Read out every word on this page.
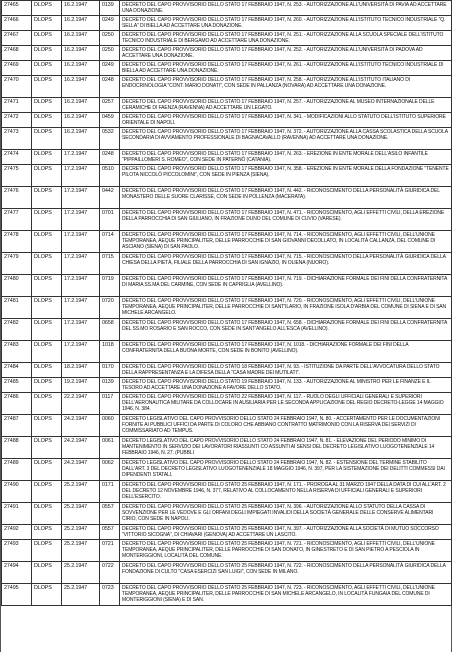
27465	DLOPS	16.2.1947	0139	DECRETO DEL CAPO PROVVISORIO DELLO STATO 17 FEBBRAIO 1947, N. 253. - AUTORIZZAZIONE ALL'UNIVERSITÀ DI PAVIA AD ACCETTARE UNA DONAZIONE.
27466	DLOPS	16.2.1947	0249	DECRETO DEL CAPO PROVVISORIO DELLO STATO 17 FEBBRAIO 1947, N. 260. - AUTORIZZAZIONE ALL'ISTITUTO TECNICO INDUSTRIALE "Q. SELLA" DI BIELLA AD ACCETTARE UNA DONAZIONE.
27467	DLOPS	16.2.1947	0250	DECRETO DEL CAPO PROVVISORIO DELLO STATO 17 FEBBRAIO 1947, N. 251. - AUTORIZZAZIONE ALLA SCUOLA SPECIALE DELL'ISTITUTO TECNICO INDUSTRIALE DI BERGAMO AD ACCETTARE UNA DONAZIONE.
27468	DLOPS	16.2.1947	0250	DECRETO DEL CAPO PROVVISORIO DELLO STATO 17 FEBBRAIO 1947, N. 252. - AUTORIZZAZIONE ALL'UNIVERSITÀ DI PADOVA AD ACCETTARE UNA DONAZIONE.
27469	DLOPS	16.2.1947	0249	DECRETO DEL CAPO PROVVISORIO DELLO STATO 17 FEBBRAIO 1947, N. 261. - AUTORIZZAZIONE ALL'ISTITUTO TECNICO INDUSTRIALE DI BIELLA AD ACCETTARE UNA DONAZIONE.
27470	DLOPS	16.2.1947	0248	DECRETO DEL CAPO PROVVISORIO DELLO STATO 17 FEBBRAIO 1947, N. 258. - AUTORIZZAZIONE ALL'ISTITUTO ITALIANO DI ENDOCRINOLOGIA "CONT. MARIO DONATI", CON SEDE IN PALLANZA (NOVARA) AD ACCETTARE UNA DONAZIONE.
27471	DLOPS	16.2.1947	0257	DECRETO DEL CAPO PROVVISORIO DELLO STATO 17 FEBBRAIO 1947, N. 257. - AUTORIZZAZIONE AL MUSEO INTERNAZIONALE DELLE CERAMICHE DI FAENZA (RAVENNA) AD ACCETTARE UN LEGATO.
27472	DLOPS	16.2.1947	0459	DECRETO DEL CAPO PROVVISORIO DELLO STATO 17 FEBBRAIO 1947, N. 341. - MODIFICAZIONI ALLO STATUTO DELL'ISTITUTO SUPERIORE ORIENTALE DI NAPOLI.
27473	DLOPS	16.2.1947	0532	DECRETO DEL CAPO PROVVISORIO DELLO STATO 17 FEBBRAIO 1947, N. 372. - AUTORIZZAZIONE ALLA CASSA SCOLASTICA DELLA SCUOLA SECONDARIA DI AVVIAMENTO PROFESSIONALE DI BAGNACAVALLO (RAVENNA) AD ACCETTARE UNA DONAZIONE.
27474	DLOPS	17.2.1947	0248	DECRETO DEL CAPO PROVVISORIO DELLO STATO 17 FEBBRAIO 1947, N. 263. - EREZIONE IN ENTE MORALE DELL'ASILO INFANTILE "PIPPAILLOMERI S. ROMEO", CON SEDE IN PATERNÒ (CATANIA).
27475	DLOPS	17.2.1947	0510	DECRETO DEL CAPO PROVVISORIO DELLO STATO 17 FEBBRAIO 1947, N. 358. - EREZIONE IN ENTE MORALE DELLA FONDAZIONE "TENENTE PILOTA NICCOLÒ PICCOLOMINI", CON SEDE IN PIENZA (SIENA).
27476	DLOPS	17.2.1947	0442	DECRETO DEL CAPO PROVVISORIO DELLO STATO 17 FEBBRAIO 1947, N. 442. - RICONOSCIMENTO DELLA PERSONALITÀ GIURIDICA DEL MONASTERO DELLE SUORE CLARISSE, CON SEDE IN POLLENZA (MACERATA).
27477	DLOPS	17.2.1947	0701	DECRETO DEL CAPO PROVVISORIO DELLO STATO 17 FEBBRAIO 1947, N. 471. - RICONOSCIMENTO, AGLI EFFETTI CIVILI, DELLA EREZIONE DELLA PARROCCHIA DI SAN GIULIANO, IN FRAZIONE DUNO DEL COMUNE DI CUVIO (VARESE).
27478	DLOPS	17.2.1947	0714	DECRETO DEL CAPO PROVVISORIO DELLO STATO 17 FEBBRAIO 1947, N. 714. - RICONOSCIMENTO, AGLI EFFETTI CIVILI, DELL'UNIONE TEMPORANEA, AEQUE PRINCIPALITER, DELLE PARROCCHIE DI SAN GIOVANNI DECOLLATO, IN LOCALITÀ CALLANZA, DEL COMUNE DI ASCIANO (SIENA) DI SAN PAOLO.
27479	DLOPS	17.2.1947	0715	DECRETO DEL CAPO PROVVISORIO DELLO STATO 17 FEBBRAIO 1947, N. 715. - RICONOSCIMENTO DELLA PERSONALITÀ GIURIDICA DELLA CHIESA DELLA PIETÀ, FILIALE DELLA PARROCCHIA DI SAN IGNAZIO, IN OLIENA (NUORO).
27480	DLOPS	17.2.1947	0719	DECRETO DEL CAPO PROVVISORIO DELLO STATO 17 FEBBRAIO 1947, N. 719. - DICHIARAZIONE FORMALE DEI FINI DELLA CONFRATERNITA DI MARIA SS.MA DEL CARMINE, CON SEDE IN CAPRIGLIA (AVELLINO).
27481	DLOPS	17.2.1947	0720	DECRETO DEL CAPO PROVVISORIO DELLO STATO 17 FEBBRAIO 1947, N. 720. - RICONOSCIMENTO, AGLI EFFETTI CIVILI, DELL'UNIONE TEMPORANEA, AEQUE PRINCIPALITER, DELLE PARROCCHIE DI SANT'ILARIO, IN FRAZIONE ISOLA D'ARBIA DEL COMUNE DI SIENA E DI SAN MICHELE ARCANGELO.
27482	DLOPS	17.2.1947	0658	DECRETO DEL CAPO PROVVISORIO DELLO STATO 17 FEBBRAIO 1947, N. 658. - DICHIARAZIONE FORMALE DEI FINI DELLA CONFRATERNITA DEL SS.MO ROSARIO E SAN ROCCO, CON SEDE IN SANT'ANGELO ALL'ESCA (AVELLINO).
27483	DLOPS	17.2.1947	1018	DECRETO DEL CAPO PROVVISORIO DELLO STATO 17 FEBBRAIO 1947, N. 1018. - DICHIARAZIONE FORMALE DEI FINI DELLA CONFRATERNITA DELLA BUONA MORTE, CON SEDE IN BONITO (AVELLINO).
27484	DLOPS	18.2.1947	0170	DECRETO DEL CAPO PROVVISORIO DELLO STATO 18 FEBBRAIO 1947, N. 93. - ISTITUZIONE DA PARTE DELL'AVVOCATURA DELLO STATO DELLA RAPPRESENTANZA E LA DIFESA DELLA "CASA MADRE DEI MUTILATI".
27485	DLOPS	19.2.1947	0139	DECRETO DEL CAPO PROVVISORIO DELLO STATO 19 FEBBRAIO 1947, N. 133. - AUTORIZZAZIONE AL MINISTRO PER LE FINANZE E IL TESORO AD ACCETTARE UNA DONAZIONE A FAVORE DELLO STATO.
27486	DLOPS	22.2.1947	0117	DECRETO DEL CAPO PROVVISORIO DELLO STATO 22 FEBBRAIO 1947, N. 117. - RUOLO DEGLI UFFICIALI GENERALI E SUPERIORI DELL'AERONAUTICA MILITARE DA COLLOCARE IN AUSILIARIA PER LE SECONDA APPLICAZIONE DEL REGIO DECRETO-LEGGE 14 MAGGIO 1946, N. 384.
27487	DLOPS	24.2.1947	0060	DECRETO LEGISLATIVO DEL CAPO PROVVISORIO DELLO STATO 24 FEBBRAIO 1947, N. 80. - ACCERTAMENTO PER LE DOCUMENTAZIONI FORNITE AI PUBBLICI UFFICI DA PARTE DI COLORO CHE ABBIANO CONTRATTO MATRIMONIO CON LA RISERVA DEI SERVIZI DI COMMISSARIATO AD TEMPUS.
27488	DLOPS	24.2.1947	0061	DECRETO LEGISLATIVO DEL CAPO PROVVISORIO DELLO STATO 24 FEBBRAIO 1947, N. 81. - ELEVAZIONE DEL PERIODO MINIMO DI MANTENIMENTO IN SERVIZIO DEI LAVORATORI RIASSUNTI CO ASSUNTI AI SENSI DEL DECRETO LEGISLATIVO LUOGOTENENZIALE 14 FEBBRAIO 1946, N. 27. (PUBBLI
27489	DLOPS	24.2.1947	0062	DECRETO LEGISLATIVO DEL CAPO PROVVISORIO DELLO STATO 24 FEBBRAIO 1947, N. 82. - ESTENSIONE DEL TERMINE STABILITO DALL'ART. 3 DEL DECRETO LEGISLATIVO LUOGOTENENZIALE 18 MAGGIO 1946, N. 397, PER LA SISTEMAZIONE DEI DELITTI COMMESSI DAI DIPENDENTI STATALI.
27490	DLOPS	25.2.1947	0171	DECRETO DEL CAPO PROVVISORIO DELLO STATO 25 FEBBRAIO 1947, N. 171. - PROROGA AL 31 MARZO 1947 DELLA DATA DI CUI ALL'ART. 2 DEL DECRETO 12 NOVEMBRE 1946, N. 377, RELATIVO AL COLLOCAMENTO NELLA RISERVA DI UFFICIALI GENERALI E SUPERIORI DELL'ESERCITO.
27491	DLOPS	25.2.1947	0557	DECRETO DEL CAPO PROVVISORIO DELLO STATO 25 FEBBRAIO 1947, N. 396. - AUTORIZZAZIONE ALLO STATUTO DELLA CASSA DI SOVVENZIONE PER LE VEDOVE E GLI ORFANI DEGLI IMPIEGATI INVALIDI DELLA SOCIETÀ GENERALE DELLE CONSERVE ALIMENTARI CIRIO, CON SEDE IN NAPOLI.
27492	DLOPS	25.2.1947	0557	DECRETO DEL CAPO PROVVISORIO DELLO STATO 25 FEBBRAIO 1947, N. 397. - AUTORIZZAZIONE ALLA SOCIETÀ DI MUTUO SOCCORSO "VITTORIO SICOGNA", DI CHIAVARI (GENOVA) AD ACCETTARE UN LASCITO.
27493	DLOPS	25.2.1947	0721	DECRETO DEL CAPO PROVVISORIO DELLO STATO 25 FEBBRAIO 1947, N. 721. - RICONOSCIMENTO, AGLI EFFETTI CIVILI, DELL'UNIONE TEMPORANEA, AEQUE PRINCIPALITER, DELLE PARROCCHIE DI SAN DONATO, IN GINESTRETO E DI SAN PIETRO A PESCIOLA IN MONTERIGGIONI, LOCALITÀ DEL COMUNE.
27494	DLOPS	25.2.1947	0722	DECRETO DEL CAPO PROVVISORIO DELLO STATO 25 FEBBRAIO 1947, N. 722. - RICONOSCIMENTO DELLA PERSONALITÀ GIURIDICA DELLA FONDAZIONE DI CULTO "CASA ESERCIZI SAN LUIGI", CON SEDE IN MILANO.
27495	DLOPS	25.2.1947	0723	DECRETO DEL CAPO PROVVISORIO DELLO STATO 25 FEBBRAIO 1947, N. 723. - RICONOSCIMENTO, AGLI EFFETTI CIVILI, DELL'UNIONE TEMPORANEA, AEQUE PRINCIPALITER, DELLE PARROCCHIE DI SAN MICHELE ARCANGELO, IN LOCALITÀ FUNGAIA DEL COMUNE DI MONTERIGGIONI (SIENA) E DI SAN.
